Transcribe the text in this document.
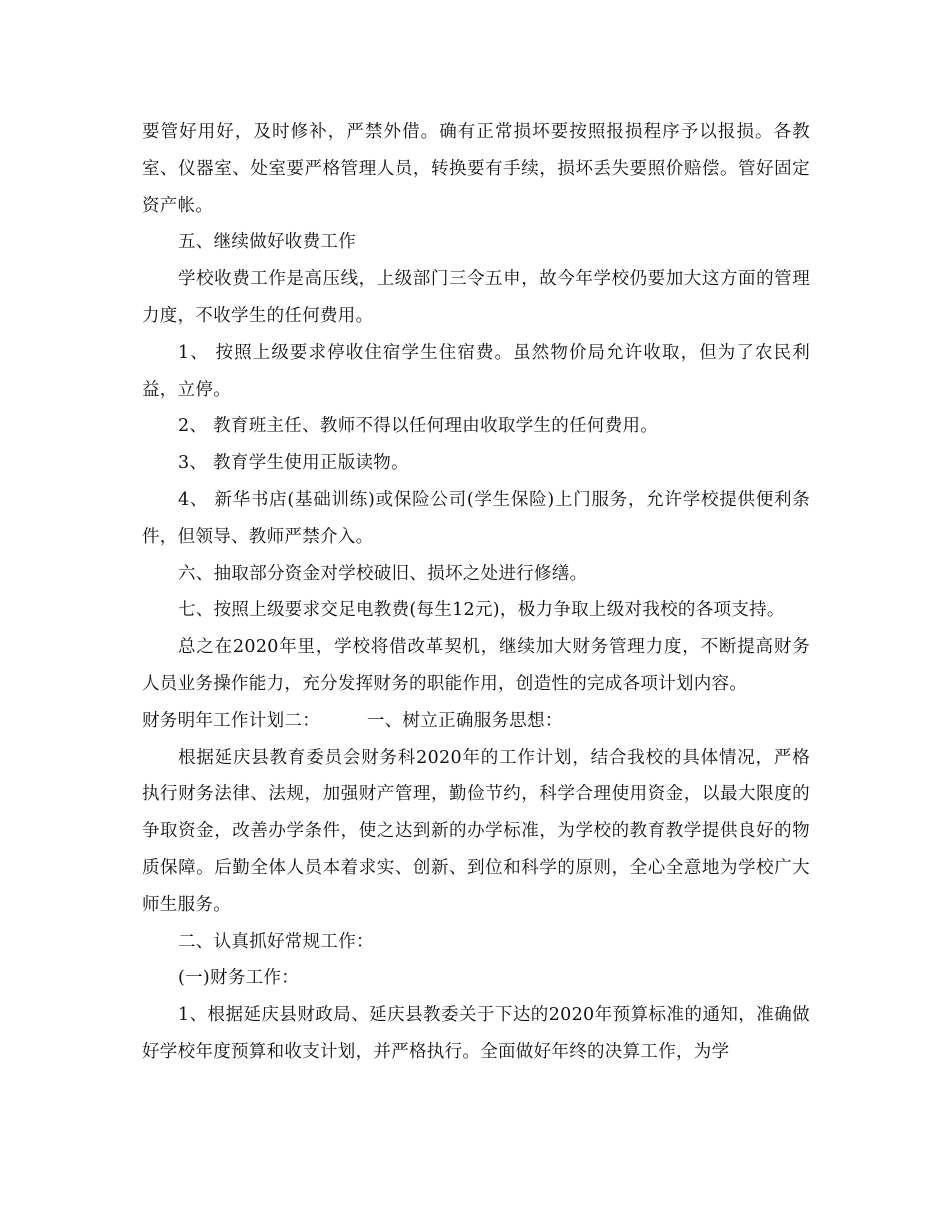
要管好用好，及时修补，严禁外借。确有正常损坏要按照报损程序予以报损。各教室、仪器室、处室要严格管理人员，转换要有手续，损坏丢失要照价赔偿。管好固定资产帐。

五、继续做好收费工作

学校收费工作是高压线，上级部门三令五申，故今年学校仍要加大这方面的管理力度，不收学生的任何费用。

1、 按照上级要求停收住宿学生住宿费。虽然物价局允许收取，但为了农民利益，立停。

2、 教育班主任、教师不得以任何理由收取学生的任何费用。

3、 教育学生使用正版读物。

4、 新华书店(基础训练)或保险公司(学生保险)上门服务，允许学校提供便利条件，但领导、教师严禁介入。

六、抽取部分资金对学校破旧、损坏之处进行修缮。

七、按照上级要求交足电教费(每生12元)，极力争取上级对我校的各项支持。

总之在2020年里，学校将借改革契机，继续加大财务管理力度，不断提高财务人员业务操作能力，充分发挥财务的职能作用，创造性的完成各项计划内容。

财务明年工作计划二：        一、树立正确服务思想：

根据延庆县教育委员会财务科2020年的工作计划，结合我校的具体情况，严格执行财务法律、法规，加强财产管理，勤俭节约，科学合理使用资金，以最大限度的争取资金，改善办学条件，使之达到新的办学标准，为学校的教育教学提供良好的物质保障。后勤全体人员本着求实、创新、到位和科学的原则，全心全意地为学校广大师生服务。

二、认真抓好常规工作：

(一)财务工作：

1、根据延庆县财政局、延庆县教委关于下达的2020年预算标准的通知，准确做好学校年度预算和收支计划，并严格执行。全面做好年终的决算工作，为学
